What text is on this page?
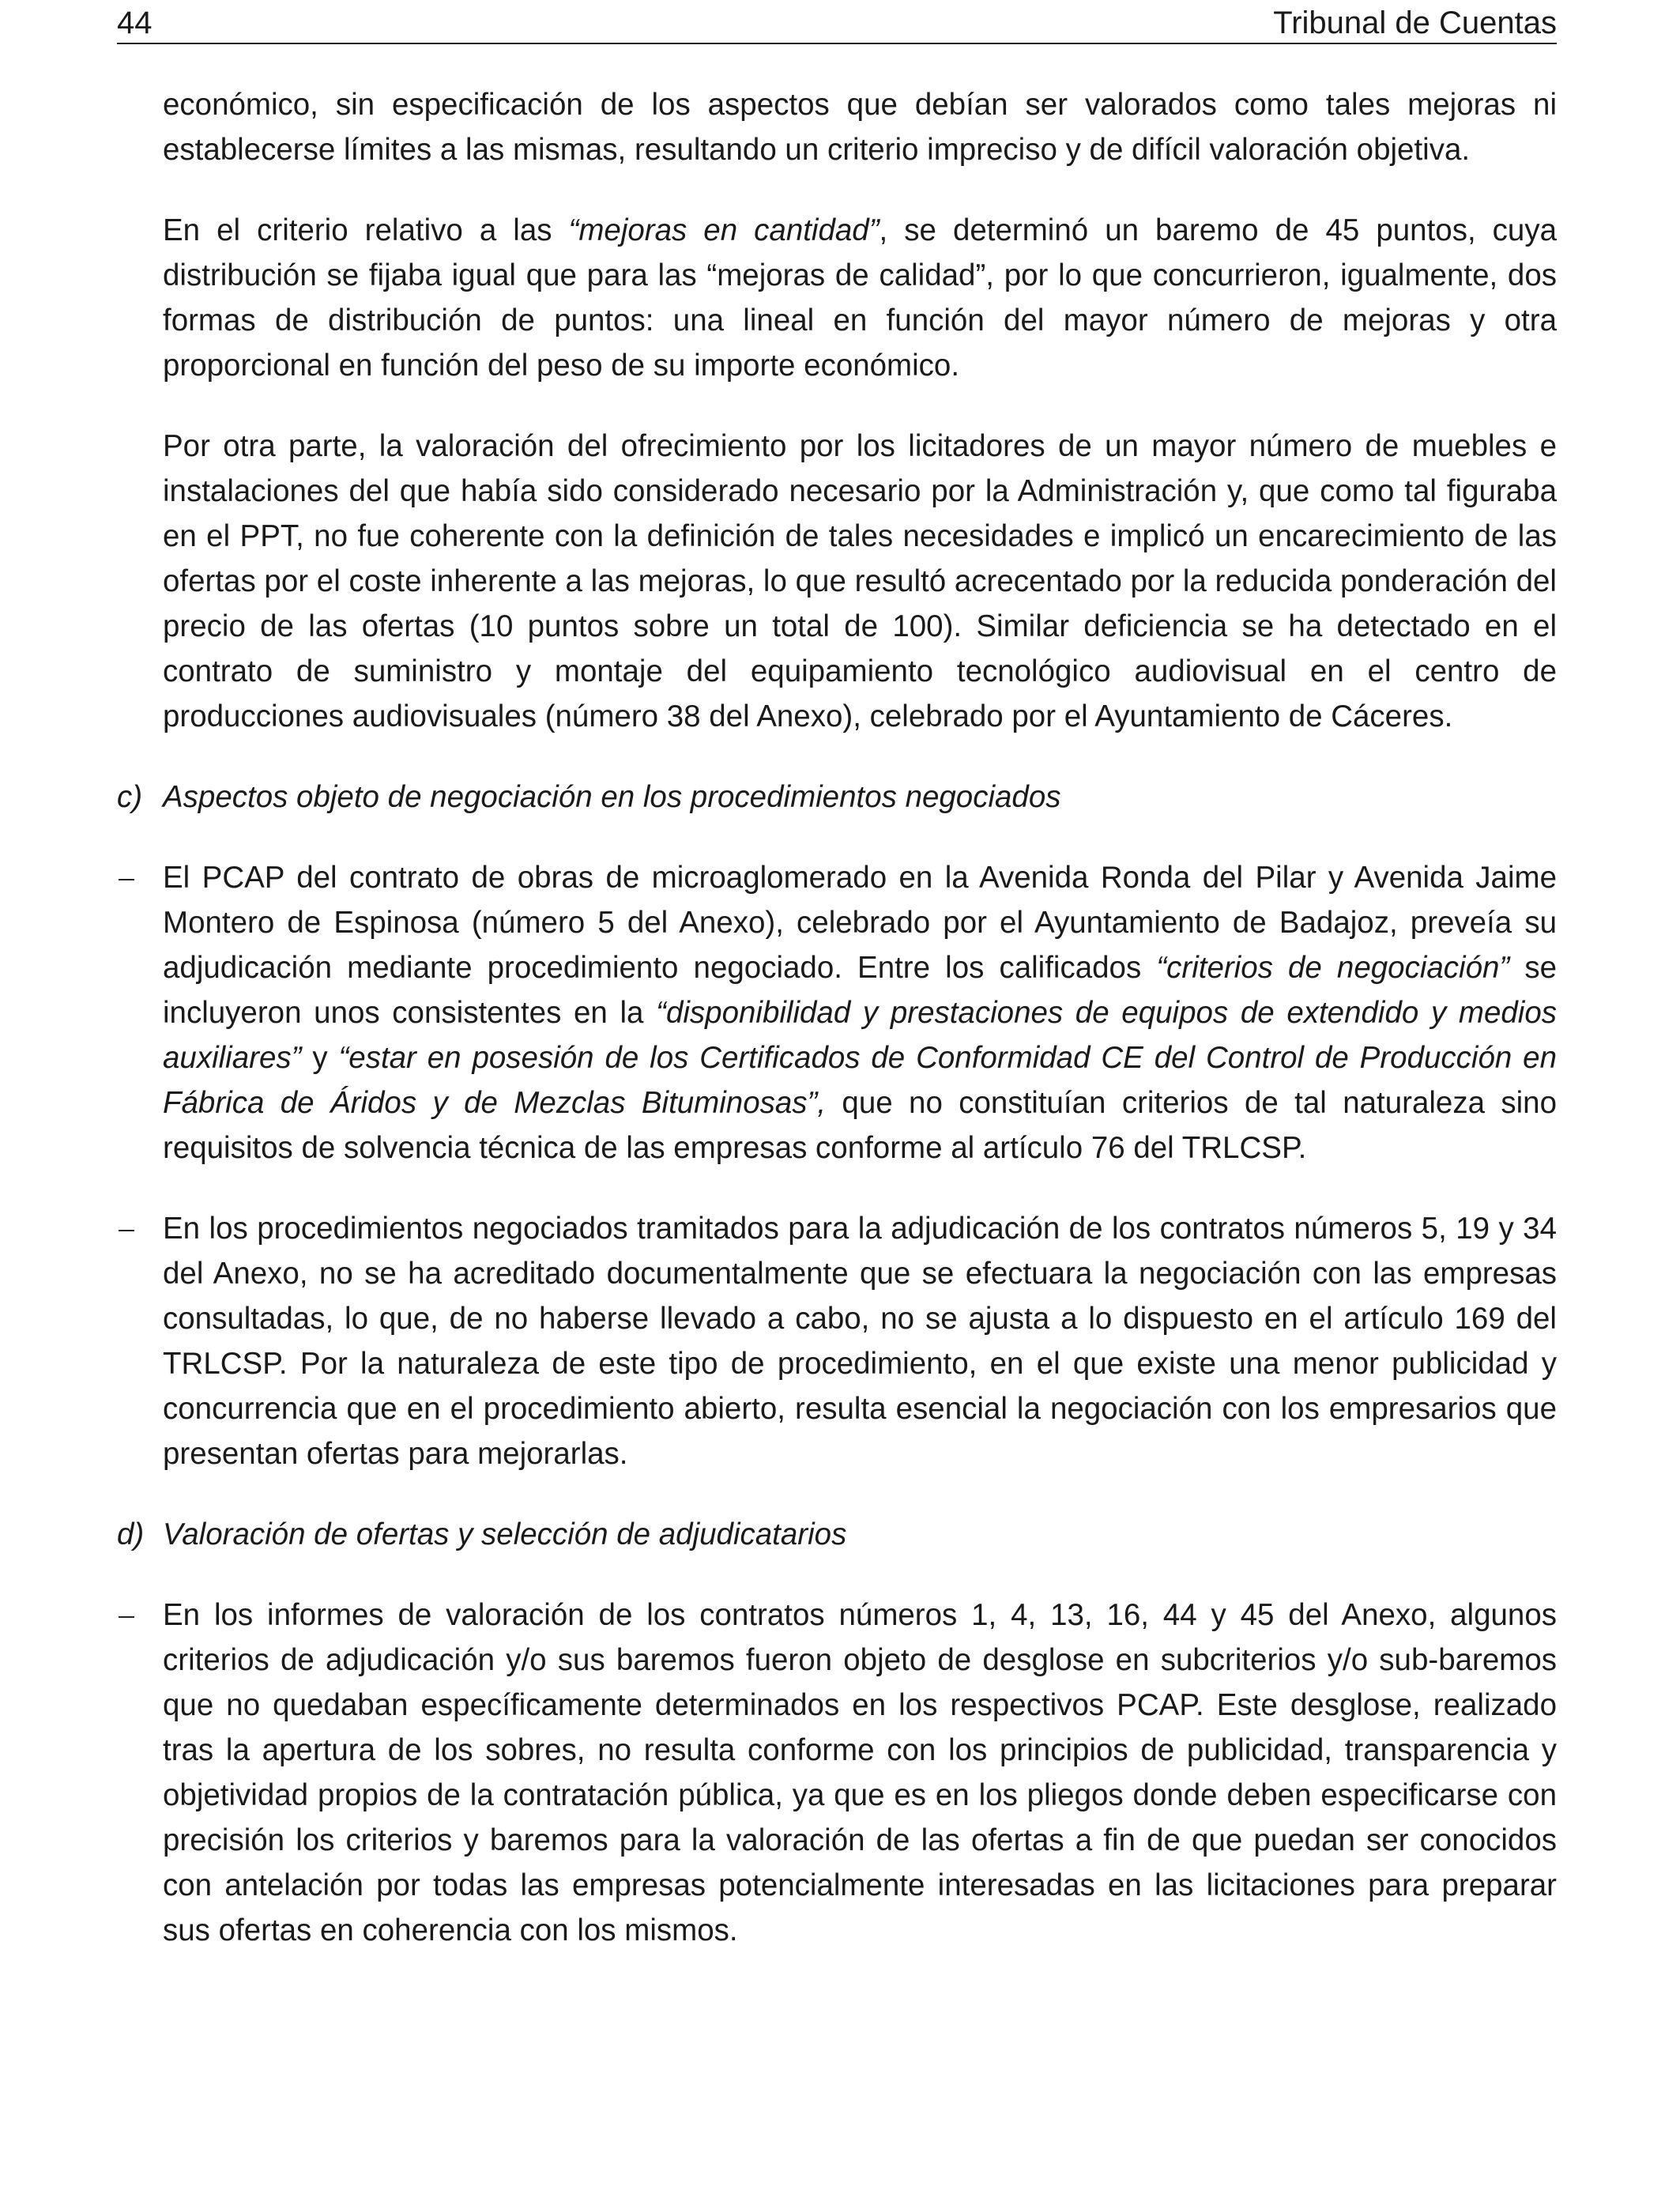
44	Tribunal de Cuentas

económico, sin especificación de los aspectos que debían ser valorados como tales mejoras ni establecerse límites a las mismas, resultando un criterio impreciso y de difícil valoración objetiva.

En el criterio relativo a las “mejoras en cantidad”, se determinó un baremo de 45 puntos, cuya distribución se fijaba igual que para las “mejoras de calidad”, por lo que concurrieron, igualmente, dos formas de distribución de puntos: una lineal en función del mayor número de mejoras y otra proporcional en función del peso de su importe económico.

Por otra parte, la valoración del ofrecimiento por los licitadores de un mayor número de muebles e instalaciones del que había sido considerado necesario por la Administración y, que como tal figuraba en el PPT, no fue coherente con la definición de tales necesidades e implicó un encarecimiento de las ofertas por el coste inherente a las mejoras, lo que resultó acrecentado por la reducida ponderación del precio de las ofertas (10 puntos sobre un total de 100). Similar deficiencia se ha detectado en el contrato de suministro y montaje del equipamiento tecnológico audiovisual en el centro de producciones audiovisuales (número 38 del Anexo), celebrado por el Ayuntamiento de Cáceres.

c) Aspectos objeto de negociación en los procedimientos negociados

El PCAP del contrato de obras de microaglomerado en la Avenida Ronda del Pilar y Avenida Jaime Montero de Espinosa (número 5 del Anexo), celebrado por el Ayuntamiento de Badajoz, preveía su adjudicación mediante procedimiento negociado. Entre los calificados “criterios de negociación” se incluyeron unos consistentes en la “disponibilidad y prestaciones de equipos de extendido y medios auxiliares” y “estar en posesión de los Certificados de Conformidad CE del Control de Producción en Fábrica de Áridos y de Mezclas Bituminosas”, que no constituían criterios de tal naturaleza sino requisitos de solvencia técnica de las empresas conforme al artículo 76 del TRLCSP.

En los procedimientos negociados tramitados para la adjudicación de los contratos números 5, 19 y 34 del Anexo, no se ha acreditado documentalmente que se efectuara la negociación con las empresas consultadas, lo que, de no haberse llevado a cabo, no se ajusta a lo dispuesto en el artículo 169 del TRLCSP. Por la naturaleza de este tipo de procedimiento, en el que existe una menor publicidad y concurrencia que en el procedimiento abierto, resulta esencial la negociación con los empresarios que presentan ofertas para mejorarlas.

d) Valoración de ofertas y selección de adjudicatarios

En los informes de valoración de los contratos números 1, 4, 13, 16, 44 y 45 del Anexo, algunos criterios de adjudicación y/o sus baremos fueron objeto de desglose en subcriterios y/o sub-baremos que no quedaban específicamente determinados en los respectivos PCAP. Este desglose, realizado tras la apertura de los sobres, no resulta conforme con los principios de publicidad, transparencia y objetividad propios de la contratación pública, ya que es en los pliegos donde deben especificarse con precisión los criterios y baremos para la valoración de las ofertas a fin de que puedan ser conocidos con antelación por todas las empresas potencialmente interesadas en las licitaciones para preparar sus ofertas en coherencia con los mismos.
